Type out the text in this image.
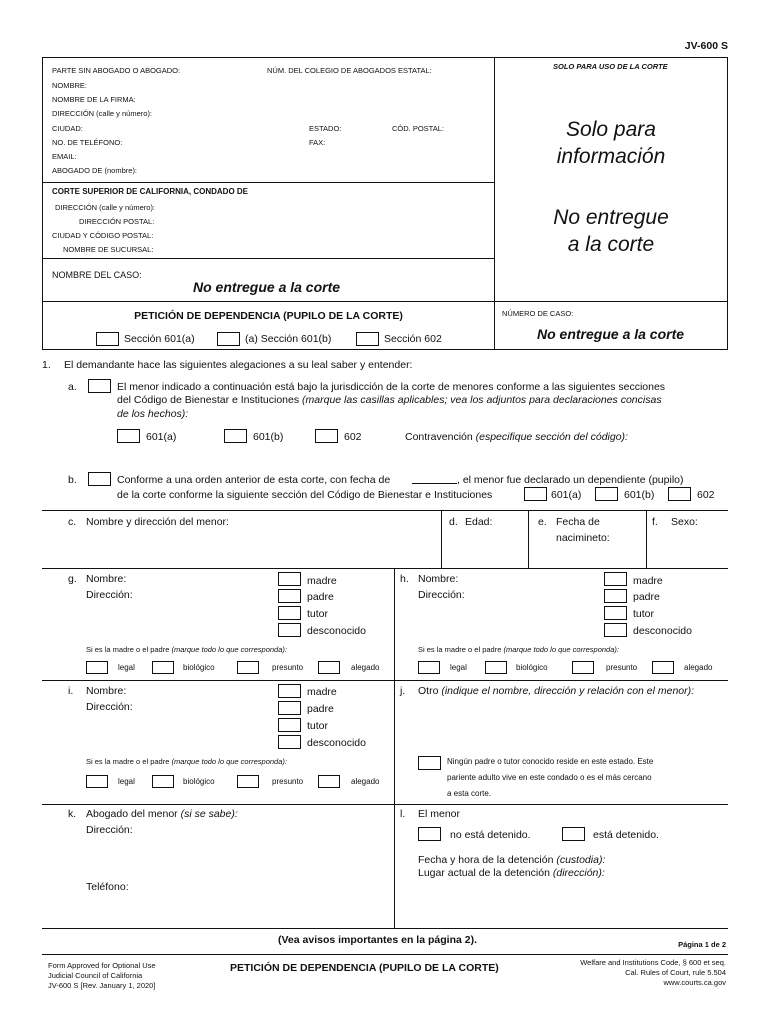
JV-600 S
PARTE SIN ABOGADO O ABOGADO:	NÚM. DEL COLEGIO DE ABOGADOS ESTATAL:
NOMBRE:
NOMBRE DE LA FIRMA:
DIRECCIÓN (calle y número):
CIUDAD:	ESTADO:	CÓD. POSTAL:
NO. DE TELÉFONO:	FAX:
EMAIL:
ABOGADO DE (nombre):
SOLO PARA USO DE LA CORTE
Solo para
información
No entregue
a la corte
CORTE SUPERIOR DE CALIFORNIA, CONDADO DE
DIRECCIÓN (calle y número):
DIRECCIÓN POSTAL:
CIUDAD Y CÓDIGO POSTAL:
NOMBRE DE SUCURSAL:
NOMBRE DEL CASO:
No entregue a la corte
PETICIÓN DE DEPENDENCIA (PUPILO DE LA CORTE)
Sección 601(a)	(a) Sección 601(b)	Sección 602
NÚMERO DE CASO:
No entregue a la corte
1. El demandante hace las siguientes alegaciones a su leal saber y entender:
a.	El menor indicado a continuación está bajo la jurisdicción de la corte de menores conforme a las siguientes secciones
del Código de Bienestar e Instituciones (marque las casillas aplicables; vea los adjuntos para declaraciones concisas
de los hechos):
601(a)	601(b)	602	Contravención (especifique sección del código):
b.	Conforme a una orden anterior de esta corte, con fecha de	, el menor fue declarado un dependiente (pupilo)
de la corte conforme la siguiente sección del Código de Bienestar e Instituciones	601(a)	601(b)	602
c. Nombre y dirección del menor:	d. Edad:	e. Fecha de
nacimineto:
f. Sexo:
g. Nombre:
Dirección:
madre
padre
tutor
desconocido
Si es la madre o el padre (marque todo lo que corresponda):
legal	biológico	presunto	alegado
h. Nombre:
Dirección:
madre
padre
tutor
desconocido
Si es la madre o el padre (marque todo lo que corresponda):
legal	biológico	presunto	alegado
i. Nombre:
Dirección:
madre
padre
tutor
desconocido
Si es la madre o el padre (marque todo lo que corresponda):
legal	biológico	presunto	alegado
j. Otro (indique el nombre, dirección y relación con el menor):
Ningún padre o tutor conocido reside en este estado. Este
pariente adulto vive en este condado o es el más cercano
a esta corte.
k. Abogado del menor (si se sabe):
Dirección:
Teléfono:
l. El menor
no está detenido.	está detenido.
Fecha y hora de la detención (custodia):
Lugar actual de la detención (dirección):
(Vea avisos importantes en la página 2).	Página 1 de 2
Form Approved for Optional Use
Judicial Council of California
JV-600 S [Rev. January 1, 2020]
PETICIÓN DE DEPENDENCIA (PUPILO DE LA CORTE)	Welfare and Institutions Code, § 600 et seq.
Cal. Rules of Court, rule 5.504
www.courts.ca.gov
